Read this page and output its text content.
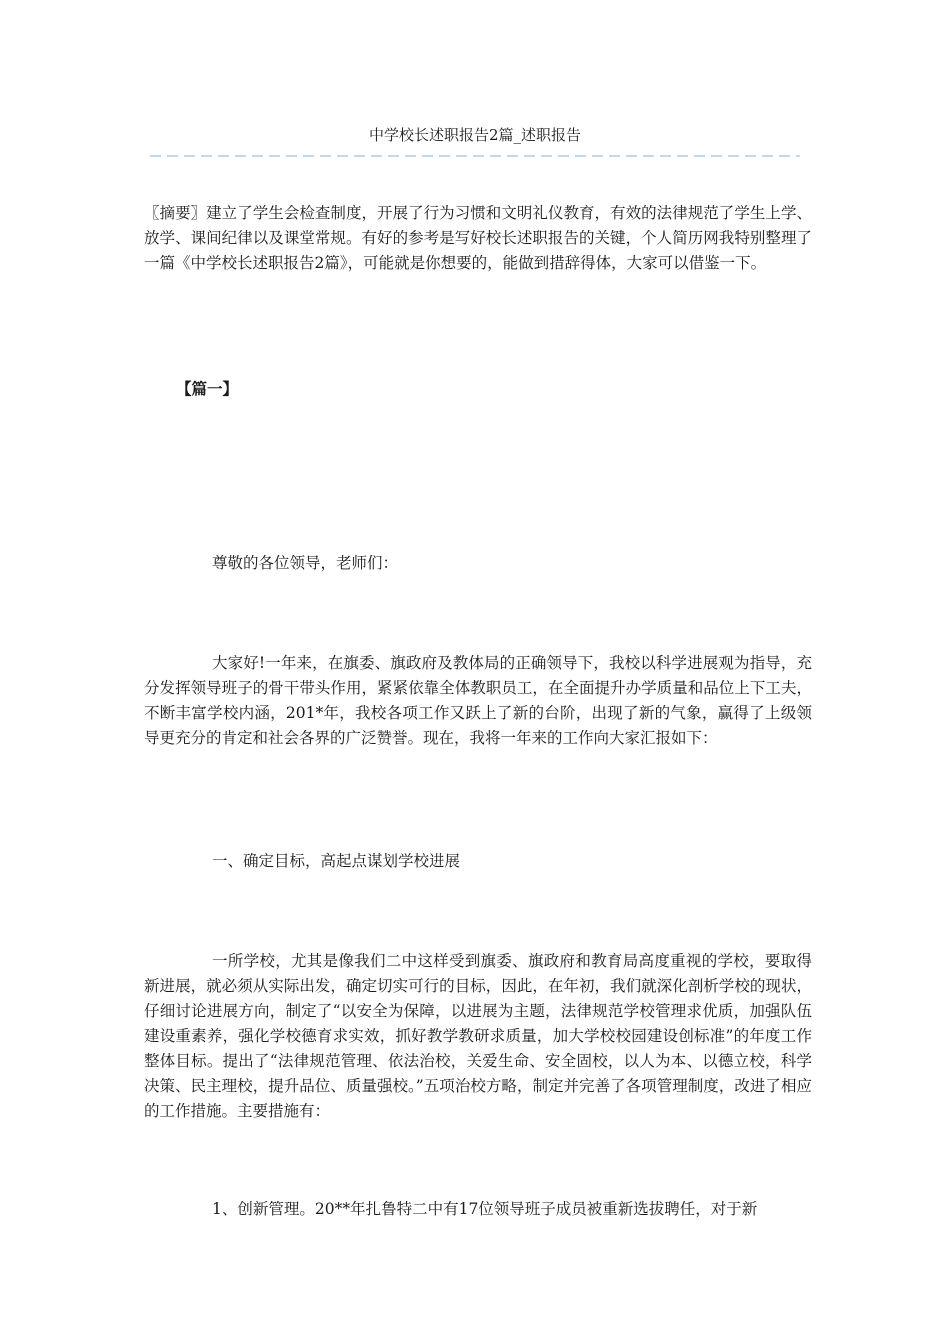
中学校长述职报告2篇_述职报告

〖摘要〗建立了学生会检查制度，开展了行为习惯和文明礼仪教育，有效的法律规范了学生上学、放学、课间纪律以及课堂常规。有好的参考是写好校长述职报告的关键，个人简历网我特别整理了一篇《中学校长述职报告2篇》，可能就是你想要的，能做到措辞得体，大家可以借鉴一下。

【篇一】

尊敬的各位领导，老师们：

大家好!一年来，在旗委、旗政府及教体局的正确领导下，我校以科学进展观为指导，充分发挥领导班子的骨干带头作用，紧紧依靠全体教职员工，在全面提升办学质量和品位上下工夫，不断丰富学校内涵，201*年，我校各项工作又跃上了新的台阶，出现了新的气象，赢得了上级领导更充分的肯定和社会各界的广泛赞誉。现在，我将一年来的工作向大家汇报如下：

一、确定目标，高起点谋划学校进展

一所学校，尤其是像我们二中这样受到旗委、旗政府和教育局高度重视的学校，要取得新进展，就必须从实际出发，确定切实可行的目标，因此，在年初，我们就深化剖析学校的现状，仔细讨论进展方向，制定了“以安全为保障，以进展为主题，法律规范学校管理求优质，加强队伍建设重素养，强化学校德育求实效，抓好教学教研求质量，加大学校校园建设创标准”的年度工作整体目标。提出了“法律规范管理、依法治校，关爱生命、安全固校，以人为本、以德立校，科学决策、民主理校，提升品位、质量强校。”五项治校方略，制定并完善了各项管理制度，改进了相应的工作措施。主要措施有：

1、创新管理。20**年扎鲁特二中有17位领导班子成员被重新选拔聘任，对于新
